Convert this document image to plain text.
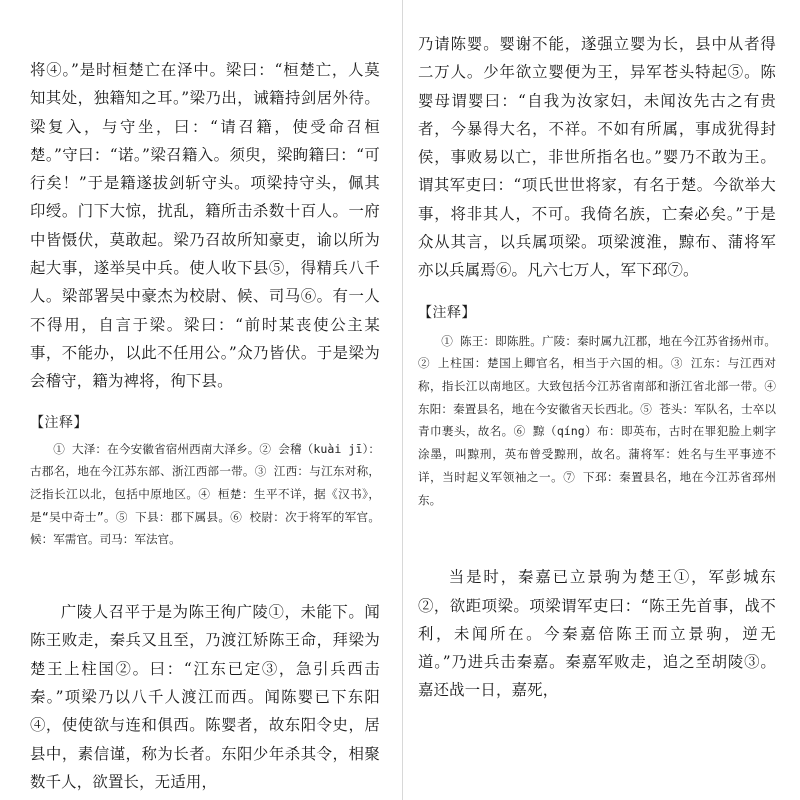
将④。”是时桓楚亡在泽中。梁曰：“桓楚亡，人莫知其处，独籍知之耳。”梁乃出，诫籍持剑居外待。梁复入，与守坐，曰：“请召籍，使受命召桓楚。”守曰：“诺。”梁召籍入。须臾，梁眴籍曰：“可行矣！”于是籍遂拔剑斩守头。项梁持守头，佩其印绶。门下大惊，扰乱，籍所击杀数十百人。一府中皆慑伏，莫敢起。梁乃召故所知豪吏，谕以所为起大事，遂举吴中兵。使人收下县⑤，得精兵八千人。梁部署吴中豪杰为校尉、候、司马⑥。有一人不得用，自言于梁。梁曰：“前时某丧使公主某事，不能办，以此不任用公。”众乃皆伏。于是梁为会稽守，籍为裨将，徇下县。

【注释】

① 大泽：在今安徽省宿州西南大泽乡。② 会稽（kuài jī）：古郡名，地在今江苏东部、浙江西部一带。③ 江西：与江东对称，泛指长江以北，包括中原地区。④ 桓楚：生平不详，据《汉书》，是“吴中奇士”。⑤ 下县：郡下属县。⑥ 校尉：次于将军的军官。候：军需官。司马：军法官。

广陵人召平于是为陈王徇广陵①，未能下。闻陈王败走，秦兵又且至，乃渡江矫陈王命，拜梁为楚王上柱国②。曰：“江东已定③，急引兵西击秦。”项梁乃以八千人渡江而西。闻陈婴已下东阳④，使使欲与连和俱西。陈婴者，故东阳令史，居县中，素信谨，称为长者。东阳少年杀其令，相聚数千人，欲置长，无适用，

乃请陈婴。婴谢不能，遂强立婴为长，县中从者得二万人。少年欲立婴便为王，异军苍头特起⑤。陈婴母谓婴曰：“自我为汝家妇，未闻汝先古之有贵者，今暴得大名，不祥。不如有所属，事成犹得封侯，事败易以亡，非世所指名也。”婴乃不敢为王。谓其军吏曰：“项氏世世将家，有名于楚。今欲举大事，将非其人，不可。我倚名族，亡秦必矣。”于是众从其言，以兵属项梁。项梁渡淮，黥布、蒲将军亦以兵属焉⑥。凡六七万人，军下邳⑦。

【注释】

① 陈王：即陈胜。广陵：秦时属九江郡，地在今江苏省扬州市。② 上柱国：楚国上卿官名，相当于六国的相。③ 江东：与江西对称，指长江以南地区。大致包括今江苏省南部和浙江省北部一带。④ 东阳：秦置县名，地在今安徽省天长西北。⑤ 苍头：军队名，士卒以青巾裹头，故名。⑥ 黥（qíng）布：即英布，古时在罪犯脸上刺字涂墨，叫黥刑，英布曾受黥刑，故名。蒲将军：姓名与生平事迹不详，当时起义军领袖之一。⑦ 下邳：秦置县名，地在今江苏省邳州东。

当是时，秦嘉已立景驹为楚王①，军彭城东②，欲距项梁。项梁谓军吏曰：“陈王先首事，战不利，未闻所在。今秦嘉倍陈王而立景驹，逆无道。”乃进兵击秦嘉。秦嘉军败走，追之至胡陵③。嘉还战一日，嘉死，
